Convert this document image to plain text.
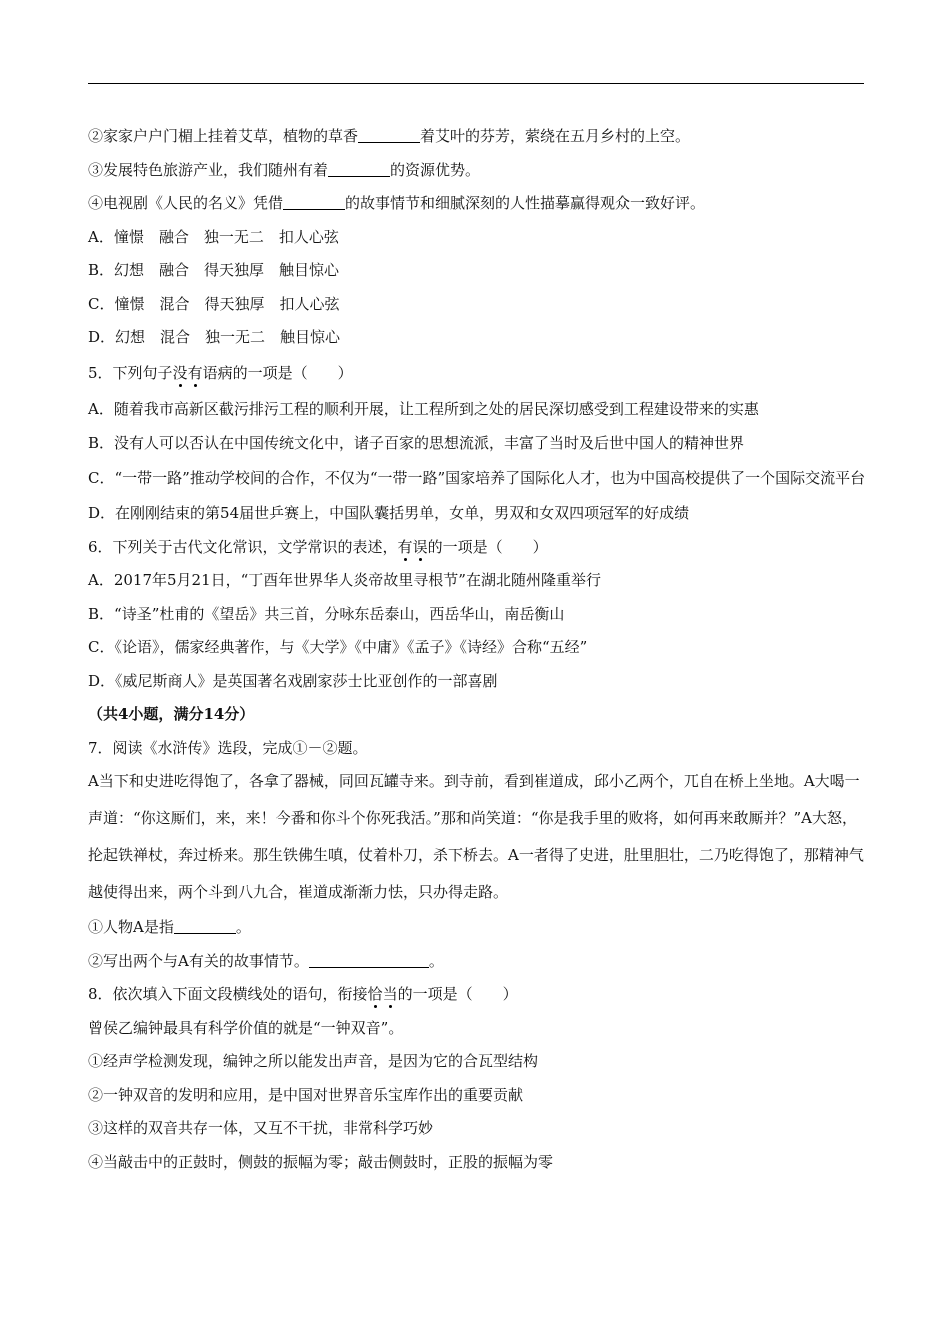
②家家户户门楣上挂着艾草，植物的草香	着艾叶的芬芳，萦绕在五月乡村的上空。
③发展特色旅游产业，我们随州有着	的资源优势。
④电视剧《人民的名义》凭借	的故事情节和细腻深刻的人性描摹赢得观众一致好评。
A．憧憬　融合　独一无二　扣人心弦
B．幻想　融合　得天独厚　触目惊心
C．憧憬　混合　得天独厚　扣人心弦
D．幻想　混合　独一无二　触目惊心
5．下列句子没有语病的一项是（　　）
A．随着我市高新区截污排污工程的顺利开展，让工程所到之处的居民深切感受到工程建设带来的实惠
B．没有人可以否认在中国传统文化中，诸子百家的思想流派，丰富了当时及后世中国人的精神世界
C．“一带一路”推动学校间的合作，不仅为“一带一路”国家培养了国际化人才，也为中国高校提供了一个国际交流平台
D．在刚刚结束的第54届世乒赛上，中国队囊括男单，女单，男双和女双四项冠军的好成绩
6．下列关于古代文化常识，文学常识的表述，有误的一项是（　　）
A．2017年5月21日，“丁酉年世界华人炎帝故里寻根节”在湖北随州隆重举行
B．“诗圣”杜甫的《望岳》共三首，分咏东岳泰山，西岳华山，南岳衡山
C．《论语》，儒家经典著作，与《大学》《中庸》《孟子》《诗经》合称“五经”
D．《威尼斯商人》是英国著名戏剧家莎士比亚创作的一部喜剧
（共4小题，满分14分）
7．阅读《水浒传》选段，完成①－②题。
A当下和史进吃得饱了，各拿了器械，同回瓦罐寺来。到寺前，看到崔道成，邱小乙两个，兀自在桥上坐地。A大喝一声道：“你这厮们，来，来！今番和你斗个你死我活。”那和尚笑道：“你是我手里的败将，如何再来敢厮并？”A大怒，抡起铁禅杖，奔过桥来。那生铁佛生嗔，仗着朴刀，杀下桥去。A一者得了史进，肚里胆壮，二乃吃得饱了，那精神气越使得出来，两个斗到八九合，崔道成渐渐力怯，只办得走路。
①人物A是指	。
②写出两个与A有关的故事情节。	。
8．依次填入下面文段横线处的语句，衔接恰当的一项是（　　）
曾侯乙编钟最具有科学价值的就是“一钟双音”。
①经声学检测发现，编钟之所以能发出声音，是因为它的合瓦型结构
②一钟双音的发明和应用，是中国对世界音乐宝库作出的重要贡献
③这样的双音共存一体，又互不干扰，非常科学巧妙
④当敲击中的正鼓时，侧鼓的振幅为零；敲击侧鼓时，正股的振幅为零
